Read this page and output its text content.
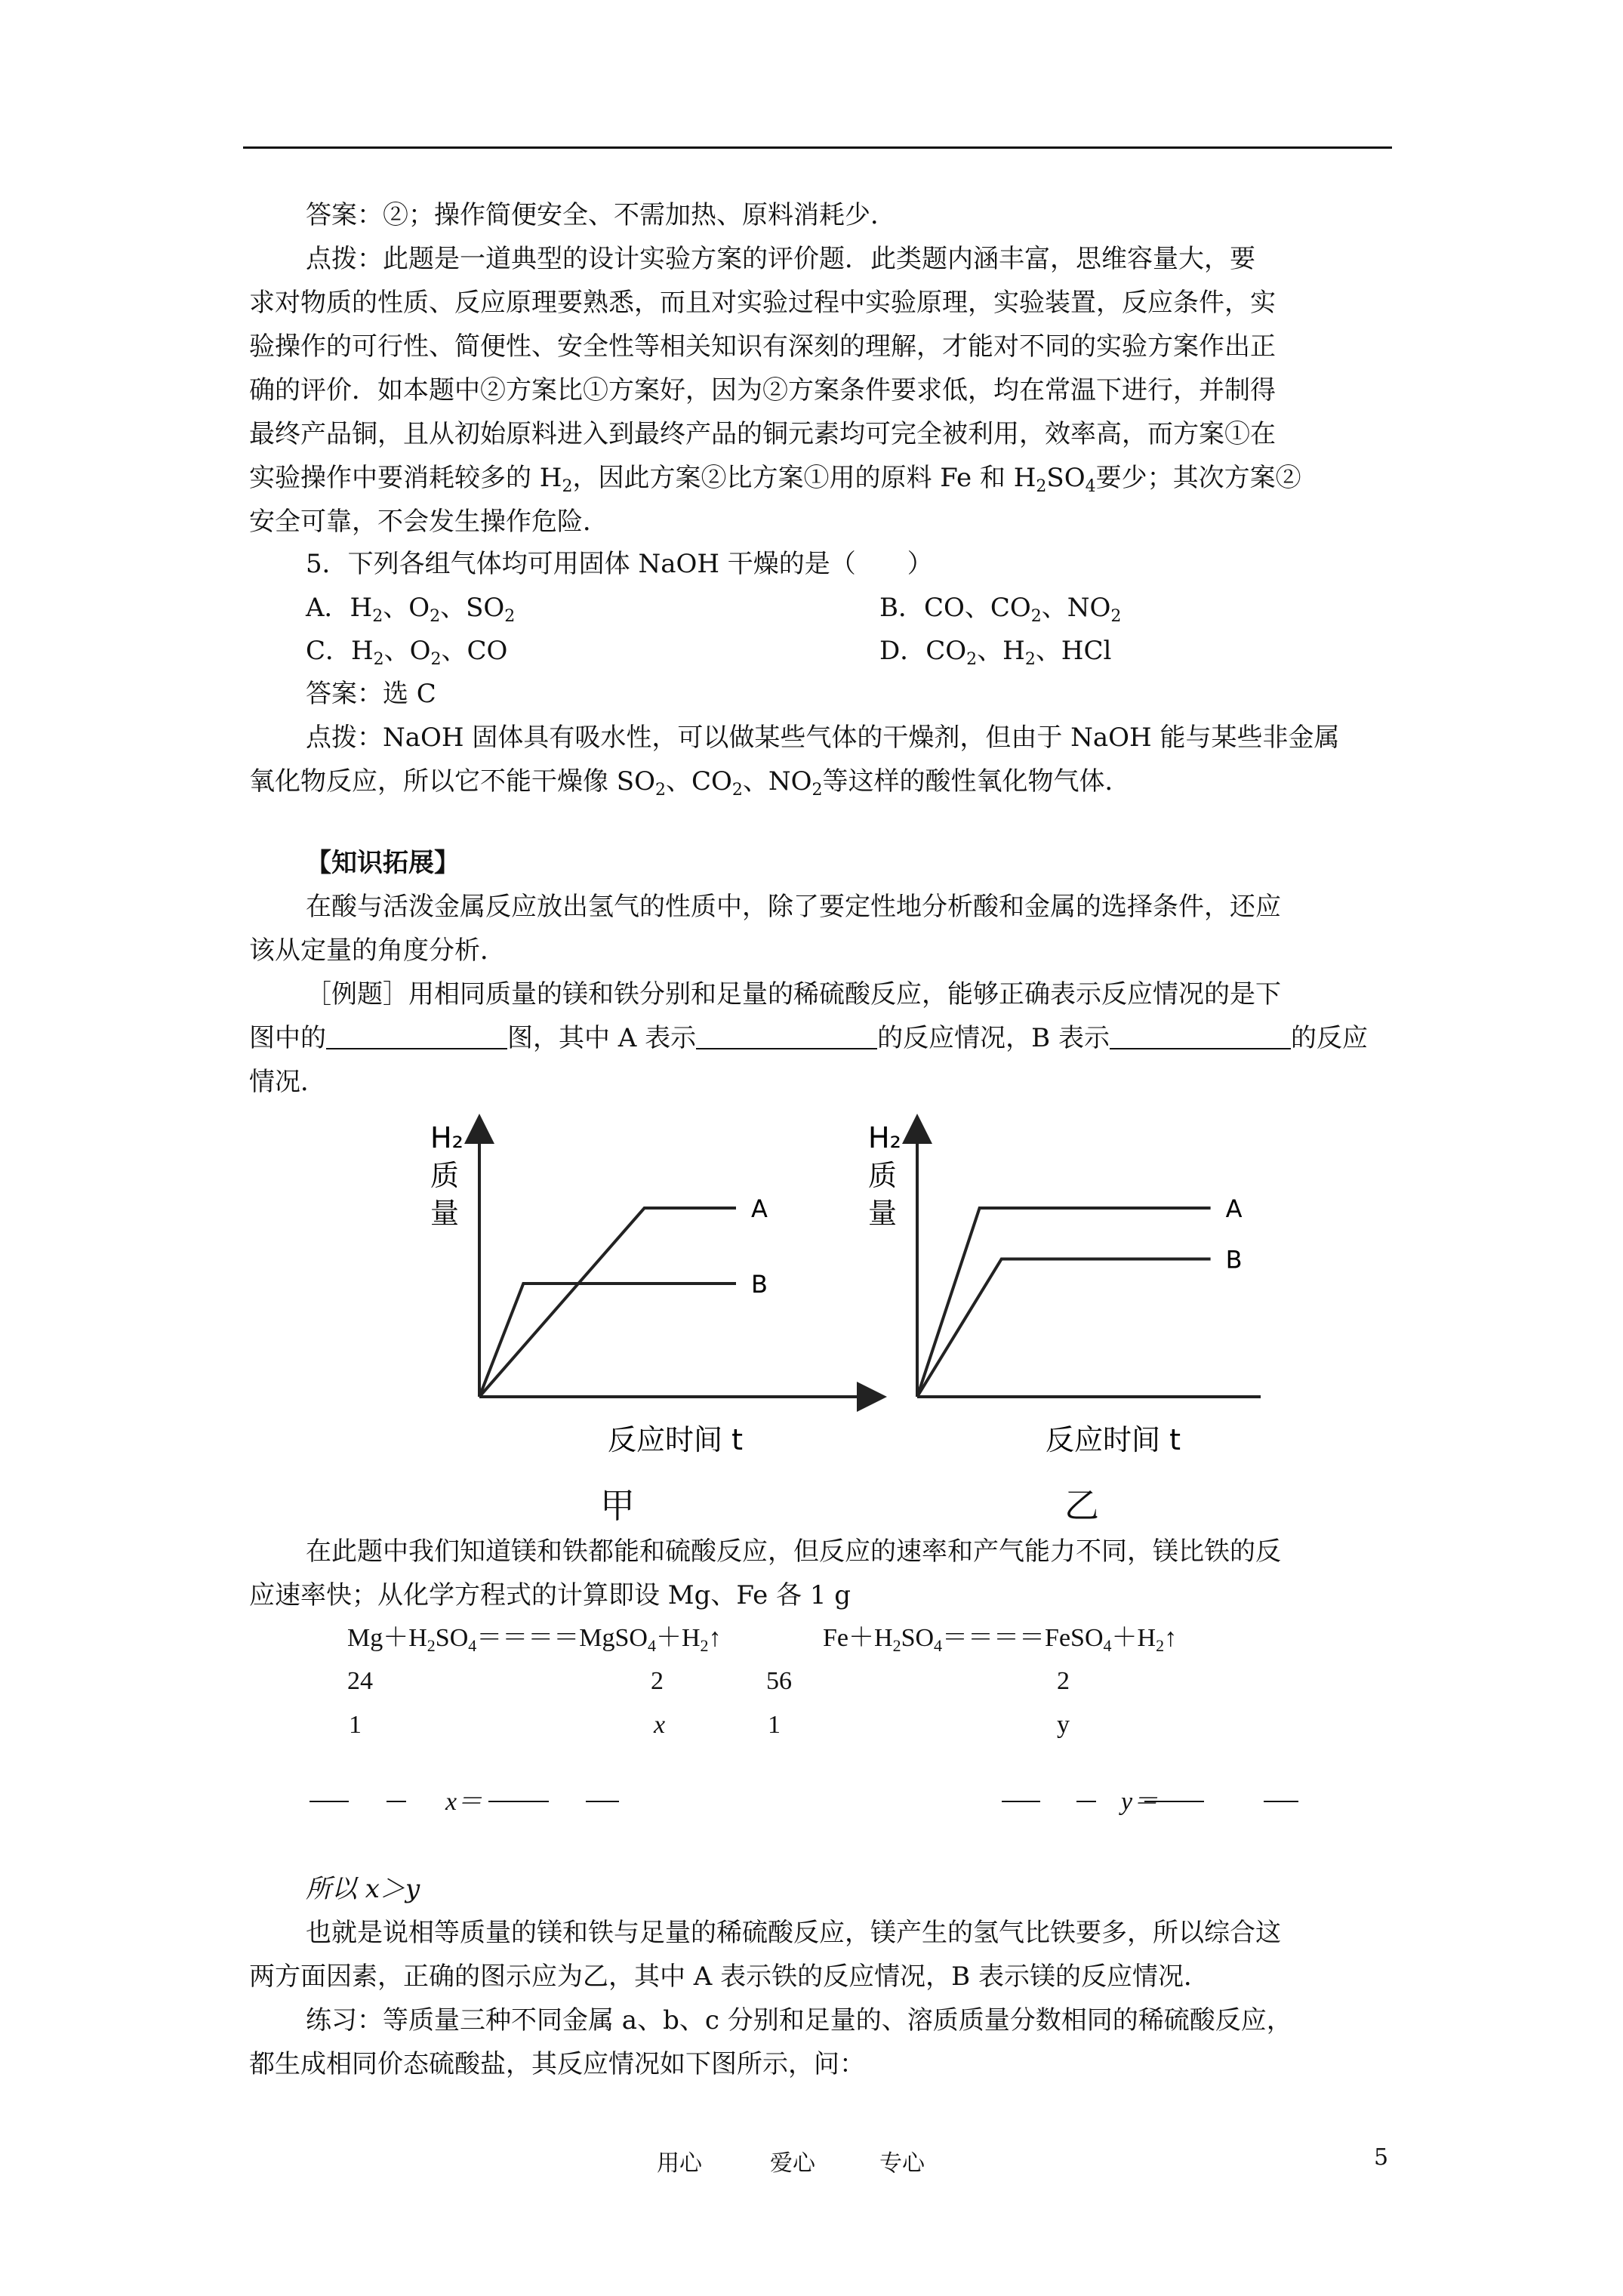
答案：②；操作简便安全、不需加热、原料消耗少．
点拨：此题是一道典型的设计实验方案的评价题．此类题内涵丰富，思维容量大，要
求对物质的性质、反应原理要熟悉，而且对实验过程中实验原理，实验装置，反应条件，实
验操作的可行性、简便性、安全性等相关知识有深刻的理解，才能对不同的实验方案作出正
确的评价．如本题中②方案比①方案好，因为②方案条件要求低，均在常温下进行，并制得
最终产品铜，且从初始原料进入到最终产品的铜元素均可完全被利用，效率高，而方案①在
实验操作中要消耗较多的 $H_2$，因此方案②比方案①用的原料 Fe 和 $H_2SO_4$要少；其次方案②
安全可靠，不会发生操作危险．
5．下列各组气体均可用固体 NaOH 干燥的是（　　）
A．$H_2$、$O_2$、$SO_2$	B．CO、$CO_2$、$NO_2$
C．$H_2$、$O_2$、CO	D．$CO_2$、$H_2$、HCl
答案：选 C
点拨：NaOH 固体具有吸水性，可以做某些气体的干燥剂，但由于 NaOH 能与某些非金属
氧化物反应，所以它不能干燥像 $SO_2$、$CO_2$、$NO_2$等这样的酸性氧化物气体．
【知识拓展】
在酸与活泼金属反应放出氢气的性质中，除了要定性地分析酸和金属的选择条件，还应
该从定量的角度分析．
［例题］用相同质量的镁和铁分别和足量的稀硫酸反应，能够正确表示反应情况的是下
图中的	图，其中 A 表示	的反应情况，B 表示	的反应
情况．
H₂
质
量
反应时间 t
A
B
H₂
质
量
反应时间 t
A
B
甲	乙
在此题中我们知道镁和铁都能和硫酸反应，但反应的速率和产气能力不同，镁比铁的反
应速率快；从化学方程式的计算即设 Mg、Fe 各 1 g
$Mg+H_2SO_4====MgSO_4+H_2↑$	$Fe+H_2SO_4====FeSO_4+H_2↑$
24	2	56	2
1	x	1	y
x＝	y＝
所以 x＞y
也就是说相等质量的镁和铁与足量的稀硫酸反应，镁产生的氢气比铁要多，所以综合这
两方面因素，正确的图示应为乙，其中 A 表示铁的反应情况，B 表示镁的反应情况．
练习：等质量三种不同金属 a、b、c 分别和足量的、溶质质量分数相同的稀硫酸反应，
都生成相同价态硫酸盐，其反应情况如下图所示，问：
用心	爱心	专心	5
